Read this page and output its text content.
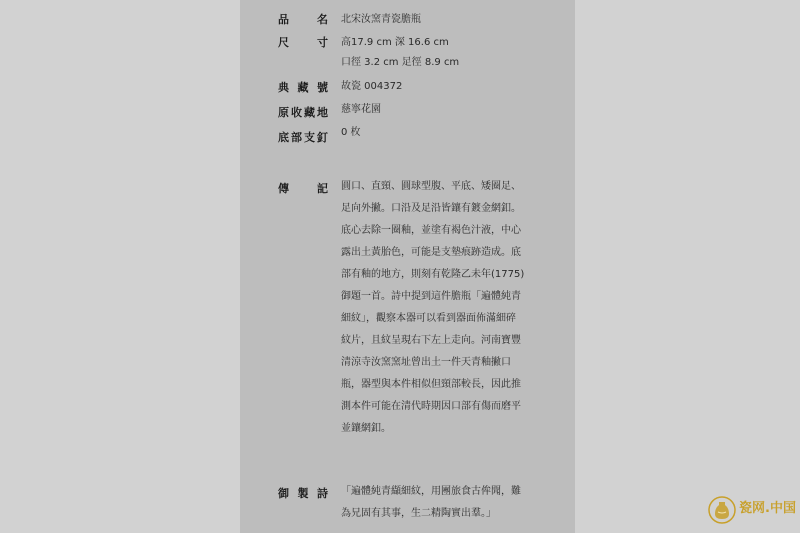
品	名 北宋汝窯青瓷膽瓶
尺	寸 高17.9 cm 深 16.6 cm
口徑 3.2 cm 足徑 8.9 cm
典 藏 號 故瓷 004372
原 收 藏 地 慈寧花園
底 部 支 釘 0 枚
傳	記 圓口、直頸、圓球型腹、平底、矮圈足、
足向外撇。口沿及足沿皆鑲有鍍金網釦。
底心去除一圈釉，並塗有褐色汁液，中心
露出土黃胎色，可能是支墊痕跡造成。底
部有釉的地方，則刻有乾隆乙未年(1775)
御題一首。詩中提到這件膽瓶「遍體純青
細紋」，觀察本器可以看到器面佈滿細碎
紋片，且紋呈現右下左上走向。河南寶豐
清涼寺汝窯窯址曾出土一件天青釉撇口
瓶，器型與本件相似但頸部較長，因此推
測本件可能在清代時期因口部有傷而磨平
並鑲網釦。
御 製 詩 「遍體純青纈細紋，用團旅食古侔聞，難
為兄固有其事，生二精陶實出羣。」	瓷网.中国
